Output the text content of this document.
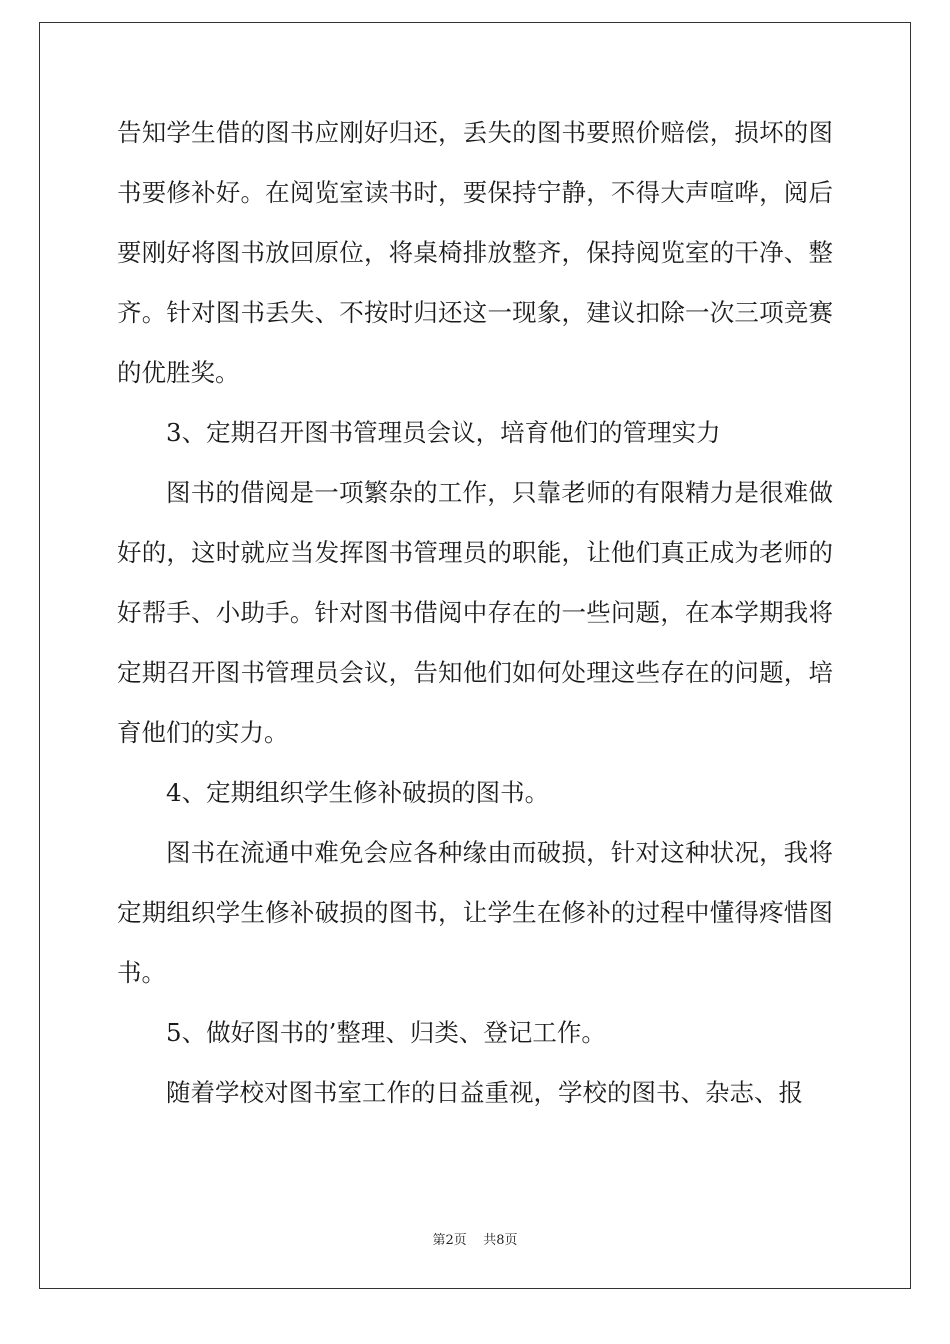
告知学生借的图书应刚好归还，丢失的图书要照价赔偿，损坏的图书要修补好。在阅览室读书时，要保持宁静，不得大声喧哗，阅后要刚好将图书放回原位，将桌椅排放整齐，保持阅览室的干净、整齐。针对图书丢失、不按时归还这一现象，建议扣除一次三项竞赛的优胜奖。

3、定期召开图书管理员会议，培育他们的管理实力

图书的借阅是一项繁杂的工作，只靠老师的有限精力是很难做好的，这时就应当发挥图书管理员的职能，让他们真正成为老师的好帮手、小助手。针对图书借阅中存在的一些问题，在本学期我将定期召开图书管理员会议，告知他们如何处理这些存在的问题，培育他们的实力。

4、定期组织学生修补破损的图书。

图书在流通中难免会应各种缘由而破损，针对这种状况，我将定期组织学生修补破损的图书，让学生在修补的过程中懂得疼惜图书。

5、做好图书的’整理、归类、登记工作。

随着学校对图书室工作的日益重视，学校的图书、杂志、报

第2页    共8页
